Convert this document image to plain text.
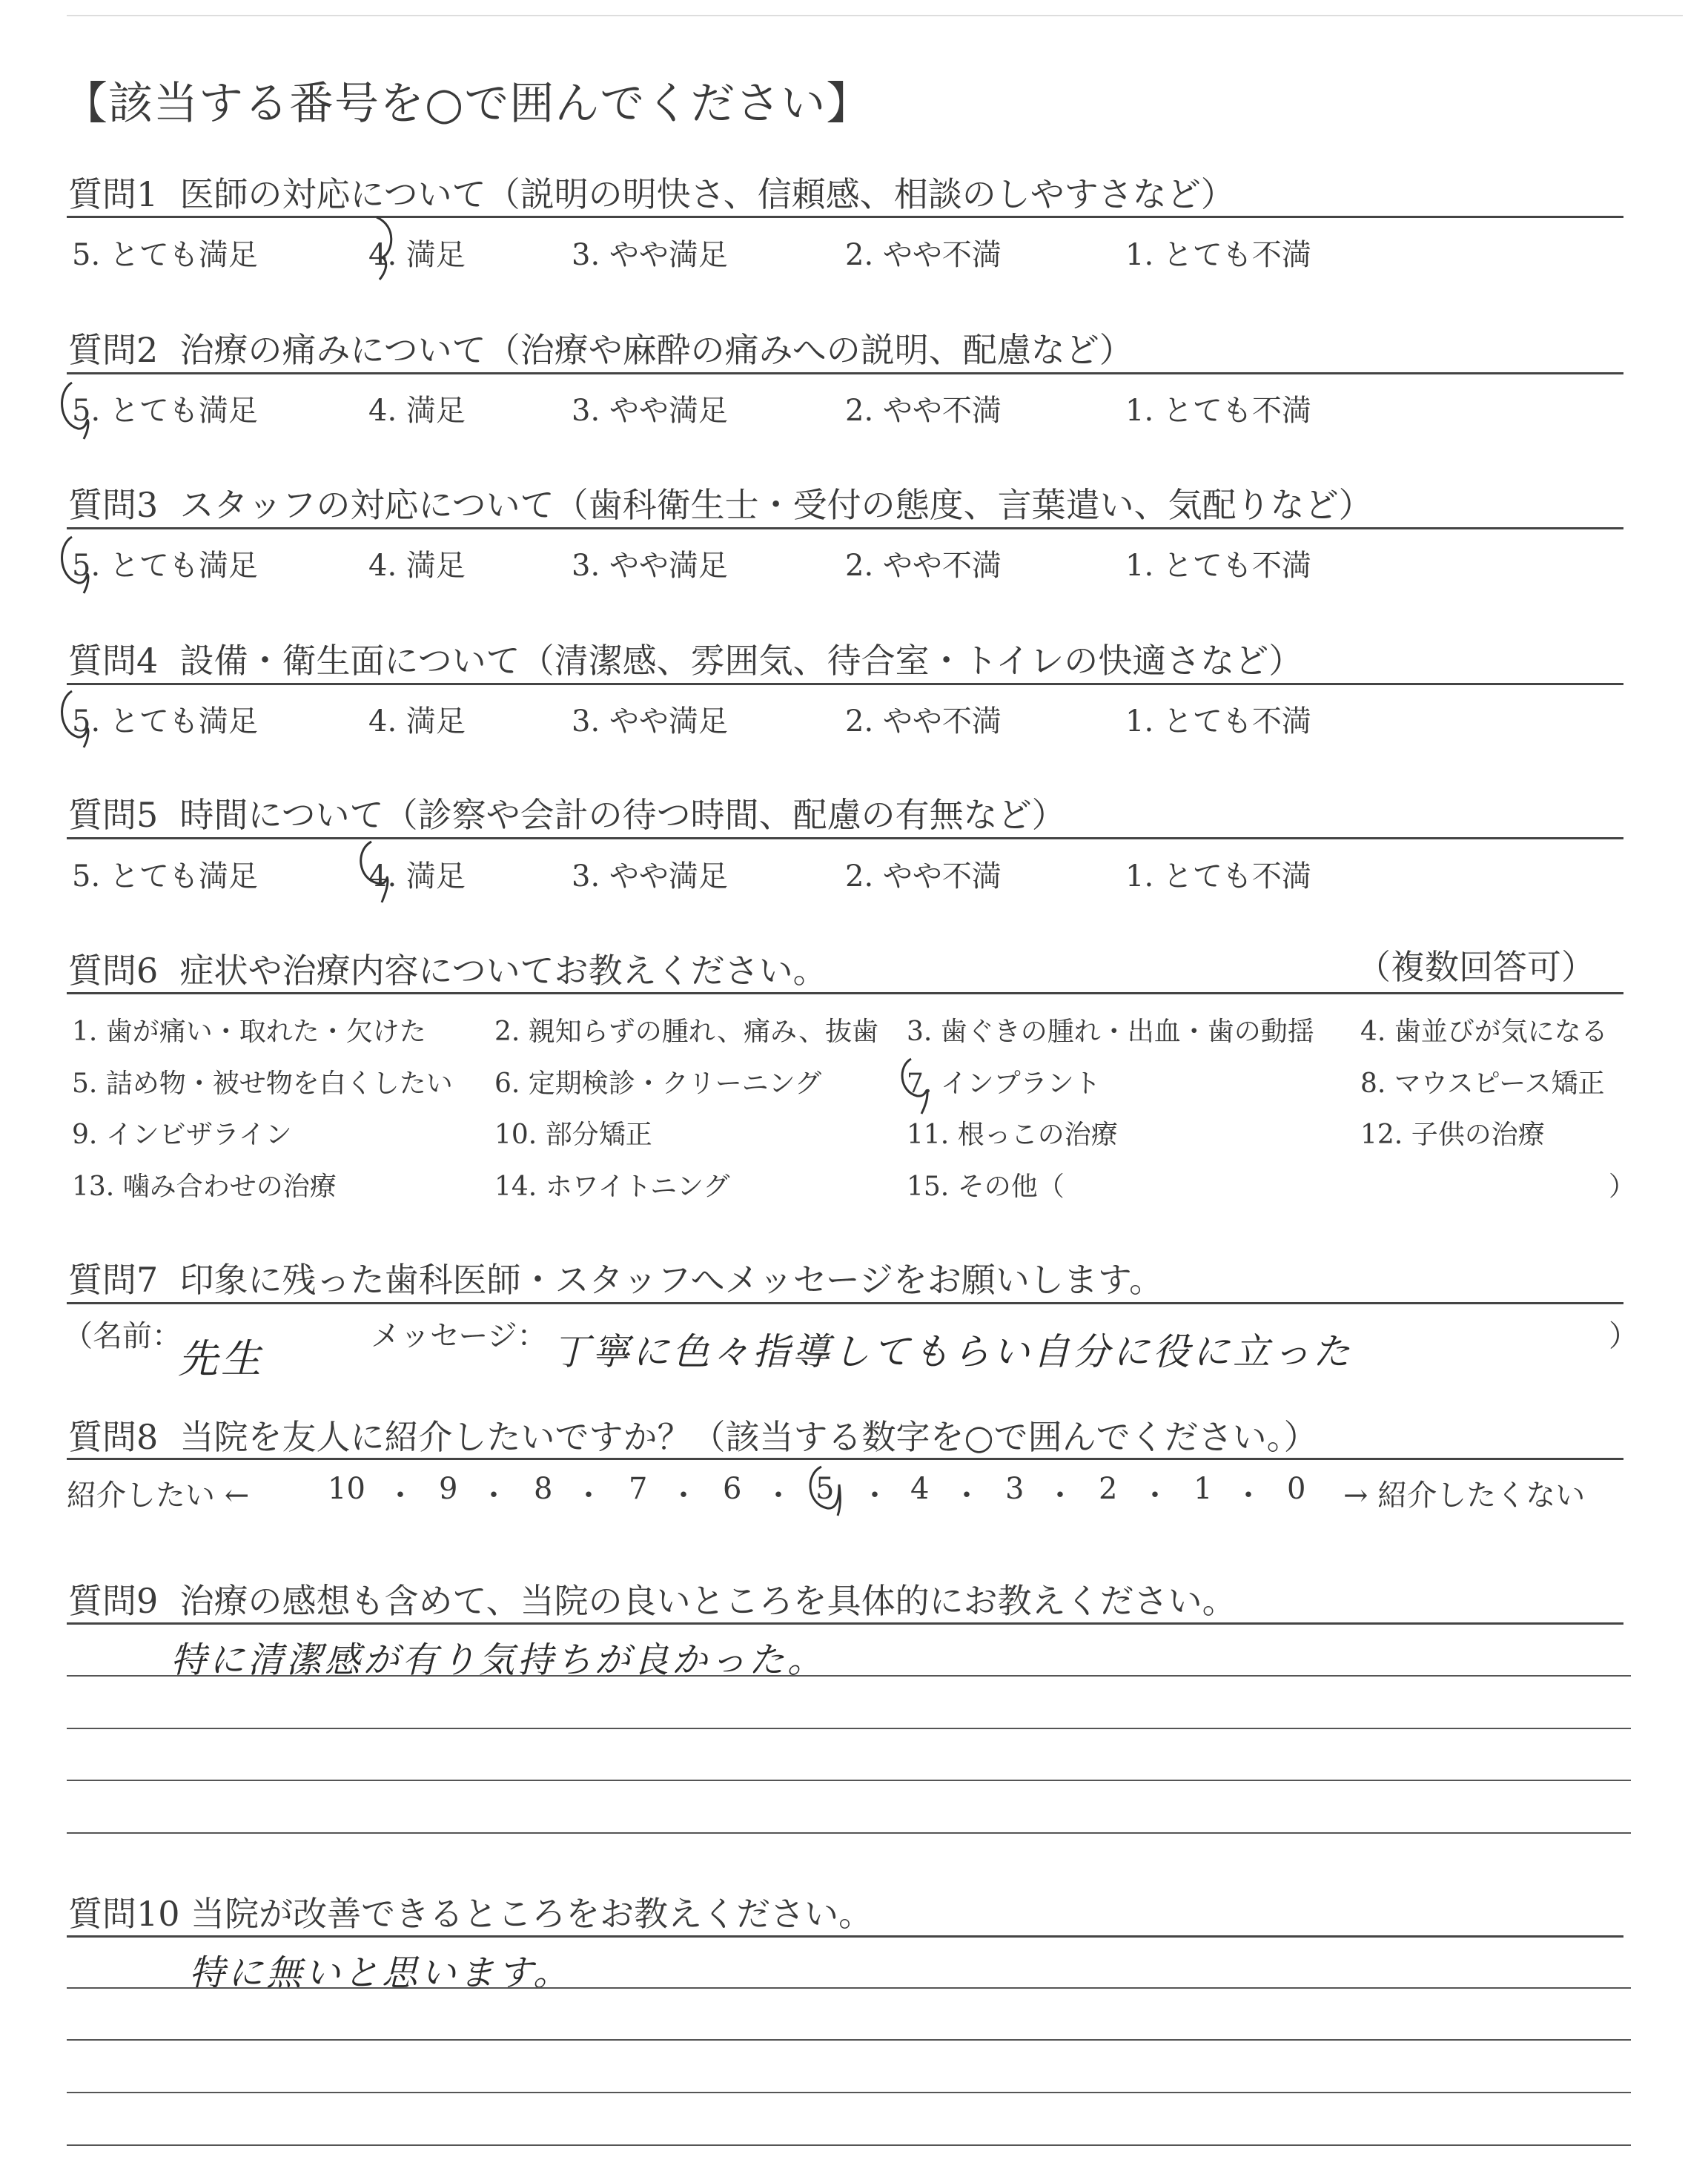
【該当する番号を○で囲んでください】
質問1 医師の対応について（説明の明快さ、信頼感、相談のしやすさなど）
5. とても満足	4. 満足	3. やや満足	2. やや不満	1. とても不満
質問2 治療の痛みについて（治療や麻酔の痛みへの説明、配慮など）
5. とても満足	4. 満足	3. やや満足	2. やや不満	1. とても不満
質問3 スタッフの対応について（歯科衛生士・受付の態度、言葉遣い、気配りなど）
5. とても満足	4. 満足	3. やや満足	2. やや不満	1. とても不満
質問4 設備・衛生面について（清潔感、雰囲気、待合室・トイレの快適さなど）
5. とても満足	4. 満足	3. やや満足	2. やや不満	1. とても不満
質問5 時間について（診察や会計の待つ時間、配慮の有無など）
5. とても満足	4. 満足	3. やや満足	2. やや不満	1. とても不満
質問6 症状や治療内容についてお教えください。	（複数回答可）
1. 歯が痛い・取れた・欠けた	2. 親知らずの腫れ、痛み、抜歯 3. 歯ぐきの腫れ・出血・歯の動揺 4. 歯並びが気になる
5. 詰め物・被せ物を白くしたい 6. 定期検診・クリーニング	7. インプラント	8. マウスピース矯正
9. インビザライン	10. 部分矯正	11. 根っこの治療	12. 子供の治療
13. 噛み合わせの治療	14. ホワイトニング	15. その他（	）
質問7 印象に残った歯科医師・スタッフへメッセージをお願いします。
（名前：
先生	メッセージ： 丁寧に色々指導してもらい自分に役に立った	）
質問8 当院を友人に紹介したいですか？（該当する数字を○で囲んでください。）
紹介したい ←	→ 紹介したくない
10 ・ 9 ・ 8 ・ 7 ・ 6 ・ 5 ・ 4 ・ 3 ・ 2 ・ 1 ・ 0
質問9 治療の感想も含めて、当院の良いところを具体的にお教えください。
特に清潔感が有り気持ちが良かった。
質問10 当院が改善できるところをお教えください。
特に無いと思います。
